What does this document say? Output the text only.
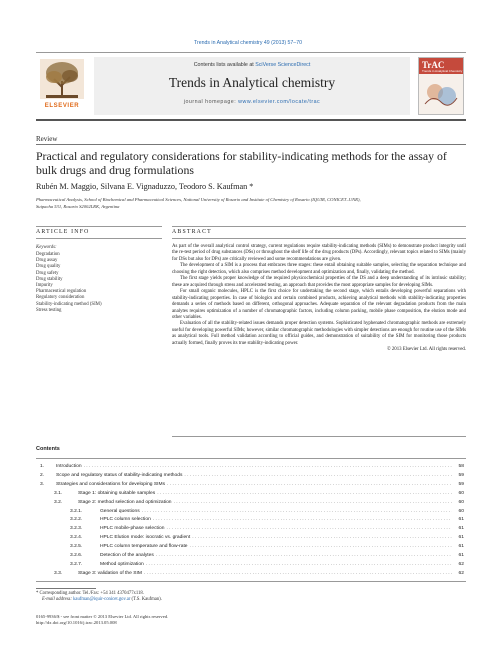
Trends in Analytical chemistry 49 (2013) 57–70
ELSEVIER
Contents lists available at SciVerse ScienceDirect
Trends in Analytical chemistry
journal homepage: www.elsevier.com/locate/trac
TrAC
Trends in Analytical Chemistry
Review
Practical and regulatory considerations for stability-indicating methods for the assay of bulk drugs and drug formulations
Rubén M. Maggio, Silvana E. Vignaduzzo, Teodoro S. Kaufman *
Pharmaceutical Analysis, School of Biochemical and Pharmaceutical Sciences, National University of Rosario and Institute of Chemistry of Rosario (IQUIR, CONICET–UNR),
Suipacha 531, Rosario S2002LRK, Argentina
ARTICLE INFO	ABSTRACT
Keywords:
Degradation
Drug assay
Drug quality
Drug safety
Drug stability
Impurity
Pharmaceutical regulation
Regulatory consideration
Stability-indicating method (SIM)
Stress testing

As part of the overall analytical control strategy, current regulations require stability-indicating methods (SIMs) to demonstrate product integrity until the re-test period of drug substances (DSs) or throughout the shelf life of the drug products (DPs). Accordingly, relevant topics related to SIMs (mainly for DSs but also for DPs) are critically reviewed and some recommendations are given.

The development of a SIM is a process that embraces three stages: these entail obtaining suitable samples, selecting the separation technique and choosing the right detection, which also comprises method development and optimization and, finally, validating the method.

The first stage yields proper knowledge of the required physicochemical properties of the DS and a deep understanding of its intrinsic stability; these are acquired through stress and accelerated testing, an approach that provides the most appropriate samples for developing SIMs.

For small organic molecules, HPLC is the first choice for undertaking the second stage, which entails developing powerful separations with stability-indicating properties. In case of biologics and certain combined products, achieving analytical methods with stability-indicating properties demands a series of methods based on different, orthogonal approaches. Adequate separation of the relevant degradation products from the main analytes requires optimization of a number of chromatographic factors, including column packing, mobile phase composition, the elution mode and other variables.

Evaluation of all the stability-related issues demands proper detection systems. Sophisticated hyphenated chromatographic methods are extremely useful for developing powerful SIMs; however, similar chromatographic methodologies with simpler detections are enough for routine use of the SIMs as analytical tools. Full method validation according to official guides, and demonstration of suitability of the SIM for monitoring those products actually formed, finally proves its true stability-indicating power.

© 2013 Elsevier Ltd. All rights reserved.
Contents
1.	Introduction . . .	58
2.	Scope and regulatory status of stability-indicating methods . . .	59
3.	Strategies and considerations for developing SIMs . . .	59
3.1.	Stage 1: obtaining suitable samples . . .	60
3.2.	Stage 2: method selection and optimization . . .	60
3.2.1.	General questions . . .	60
3.2.2.	HPLC column selection . . .	61
3.2.3.	HPLC mobile-phase selection . . .	61
3.2.4.	HPLC Elution mode: isocratic vs. gradient . . .	61
3.2.5.	HPLC column temperature and flow-rate . . .	61
3.2.6.	Detection of the analytes . . .	61
3.2.7.	Method optimization . . .	62
3.3.	Stage 3: validation of the SIM . . .	62
* Corresponding author. Tel./Fax: +54 341 4370477x118.
E-mail address: kaufman@iquir-conicet.gov.ar (T.S. Kaufman).
0165-9936/$ - see front matter © 2013 Elsevier Ltd. All rights reserved.
http://dx.doi.org/10.1016/j.trac.2013.05.008
